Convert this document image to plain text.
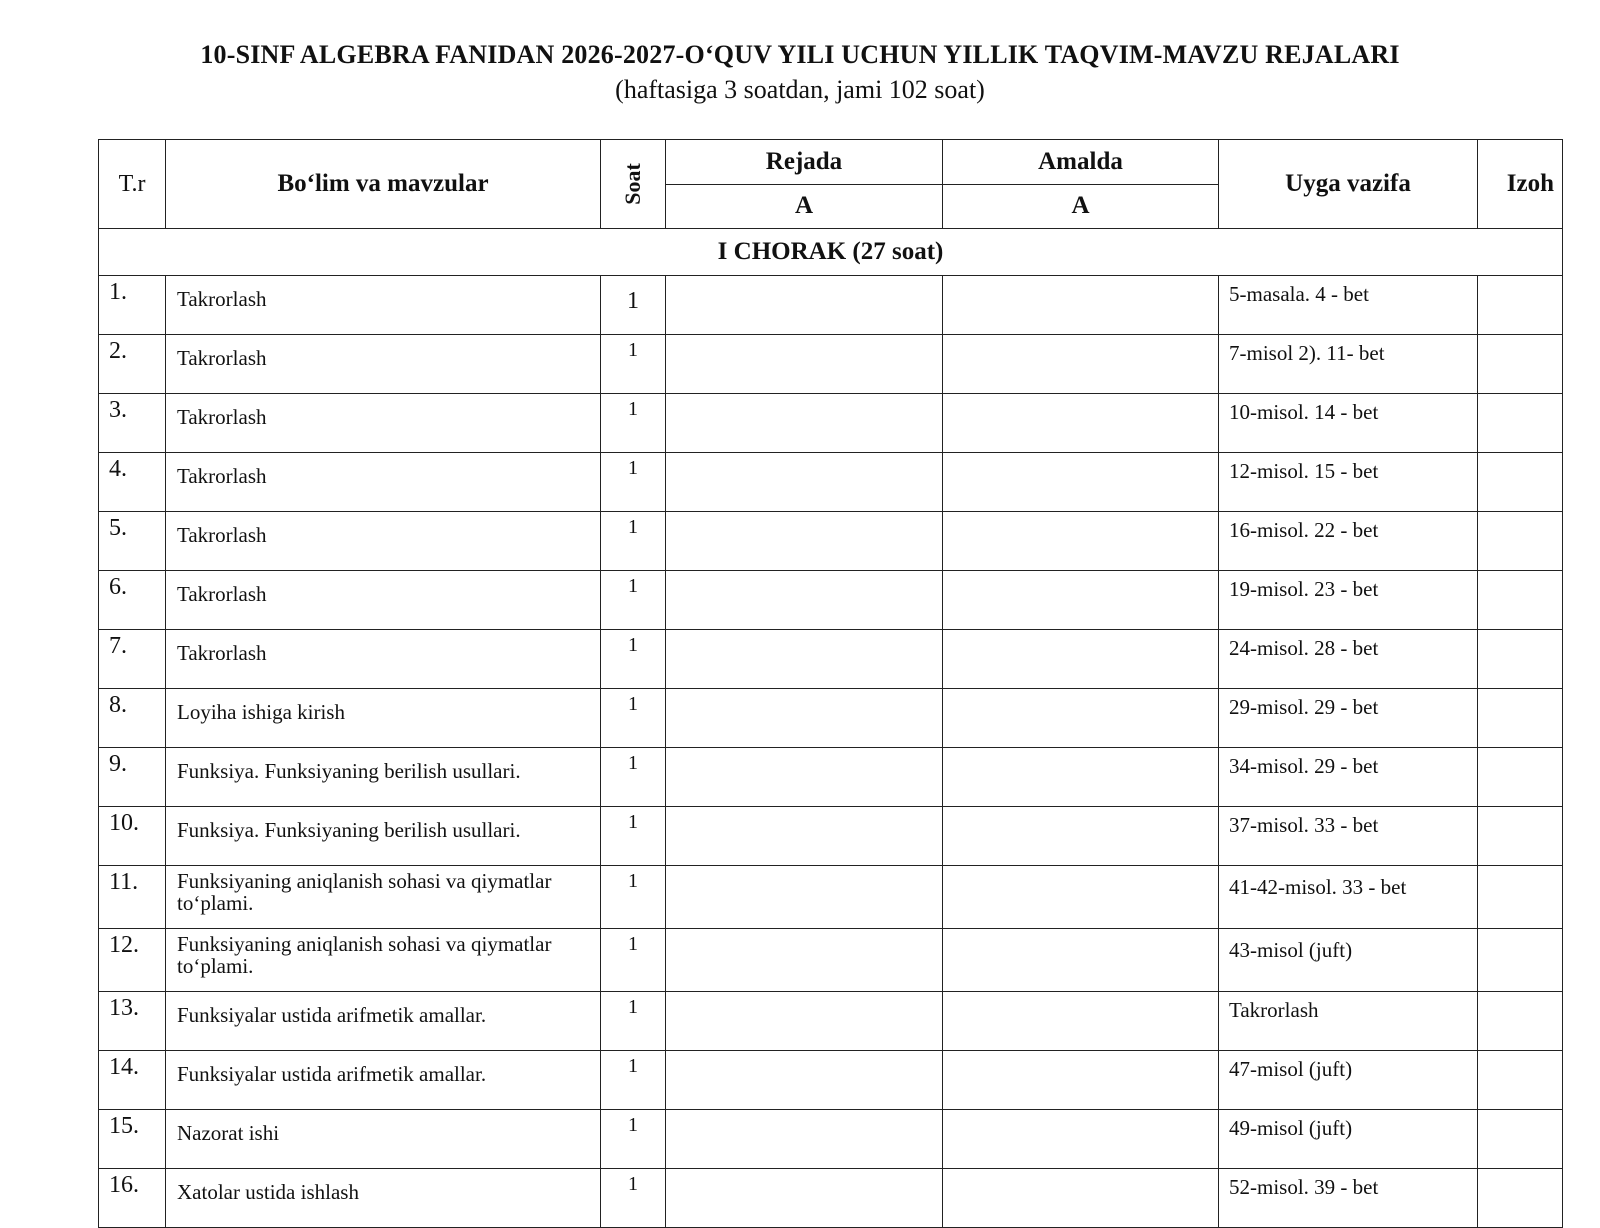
10-SINF ALGEBRA FANIDAN 2026-2027-O‘QUV YILI UCHUN YILLIK TAQVIM-MAVZU REJALARI
(haftasiga 3 soatdan, jami 102 soat)
T.r	Bo‘lim va mavzular	Soat	Rejada	Amalda	Uyga vazifa	Izoh
			A	A		
I CHORAK (27 soat)						
1.	Takrorlash	1			5-masala. 4 - bet	
2.	Takrorlash	1			7-misol 2). 11- bet	
3.	Takrorlash	1			10-misol. 14 - bet	
4.	Takrorlash	1			12-misol. 15 - bet	
5.	Takrorlash	1			16-misol. 22 - bet	
6.	Takrorlash	1			19-misol. 23 - bet	
7.	Takrorlash	1			24-misol. 28 - bet	
8.	Loyiha ishiga kirish	1			29-misol. 29 - bet	
9.	Funksiya. Funksiyaning berilish usullari.	1			34-misol. 29 - bet	
10.	Funksiya. Funksiyaning berilish usullari.	1			37-misol. 33 - bet	
11.	Funksiyaning aniqlanish sohasi va qiymatlar to‘plami.	1			41-42-misol. 33 - bet	
12.	Funksiyaning aniqlanish sohasi va qiymatlar to‘plami.	1			43-misol (juft)	
13.	Funksiyalar ustida arifmetik amallar.	1			Takrorlash	
14.	Funksiyalar ustida arifmetik amallar.	1			47-misol (juft)	
15.	Nazorat ishi	1			49-misol (juft)	
16.	Xatolar ustida ishlash	1			52-misol. 39 - bet	
